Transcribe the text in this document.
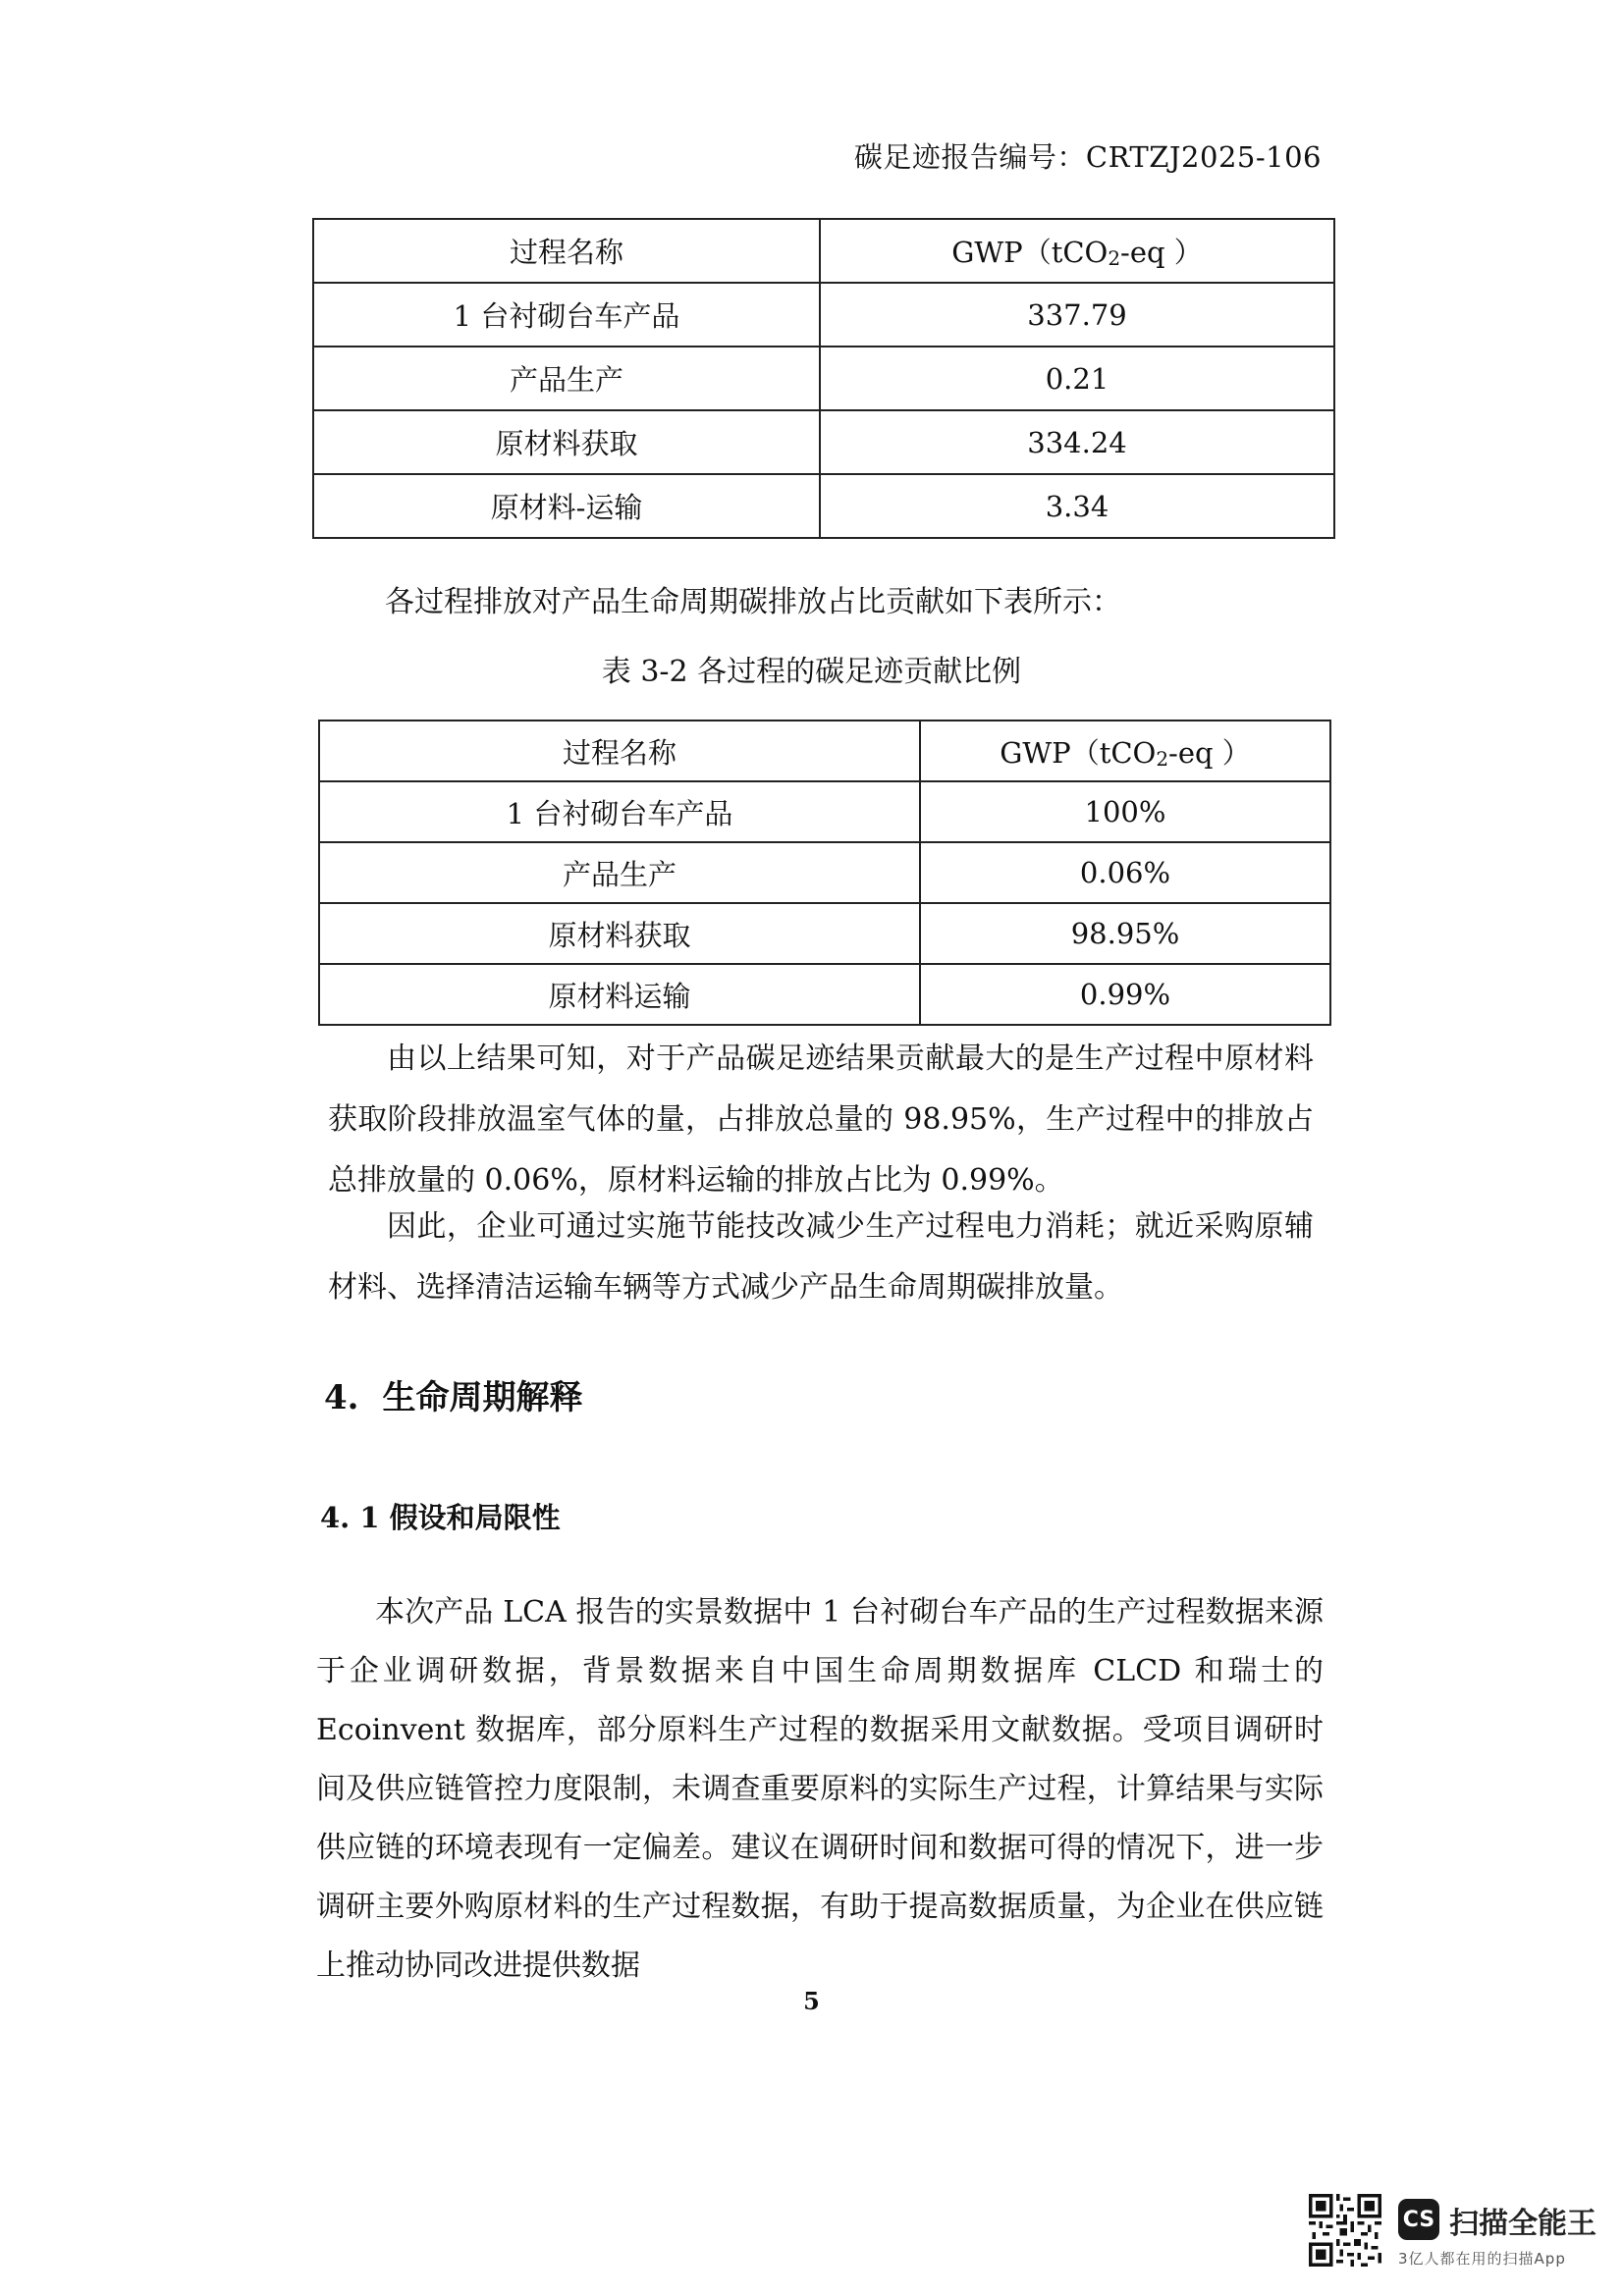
碳足迹报告编号：CRTZJ2025-106
过程名称	GWP（tCO$_2$-eq ）
1 台衬砌台车产品	337.79
产品生产	0.21
原材料获取	334.24
原材料-运输	3.34

各过程排放对产品生命周期碳排放占比贡献如下表所示：

表 3-2 各过程的碳足迹贡献比例
过程名称	GWP（tCO$_2$-eq ）
1 台衬砌台车产品	100%
产品生产	0.06%
原材料获取	98.95%
原材料运输	0.99%

由以上结果可知，对于产品碳足迹结果贡献最大的是生产过程中原材料获取阶段排放温室气体的量，占排放总量的 98.95%，生产过程中的排放占总排放量的 0.06%，原材料运输的排放占比为 0.99%。

因此，企业可通过实施节能技改减少生产过程电力消耗；就近采购原辅材料、选择清洁运输车辆等方式减少产品生命周期碳排放量。

4. 生命周期解释
4. 1 假设和局限性

本次产品 LCA 报告的实景数据中 1 台衬砌台车产品的生产过程数据来源于企业调研数据，背景数据来自中国生命周期数据库 CLCD 和瑞士的 Ecoinvent 数据库，部分原料生产过程的数据采用文献数据。受项目调研时间及供应链管控力度限制，未调查重要原料的实际生产过程，计算结果与实际供应链的环境表现有一定偏差。建议在调研时间和数据可得的情况下，进一步调研主要外购原材料的生产过程数据，有助于提高数据质量，为企业在供应链上推动协同改进提供数据

5
CS 扫描全能王
3亿人都在用的扫描App
